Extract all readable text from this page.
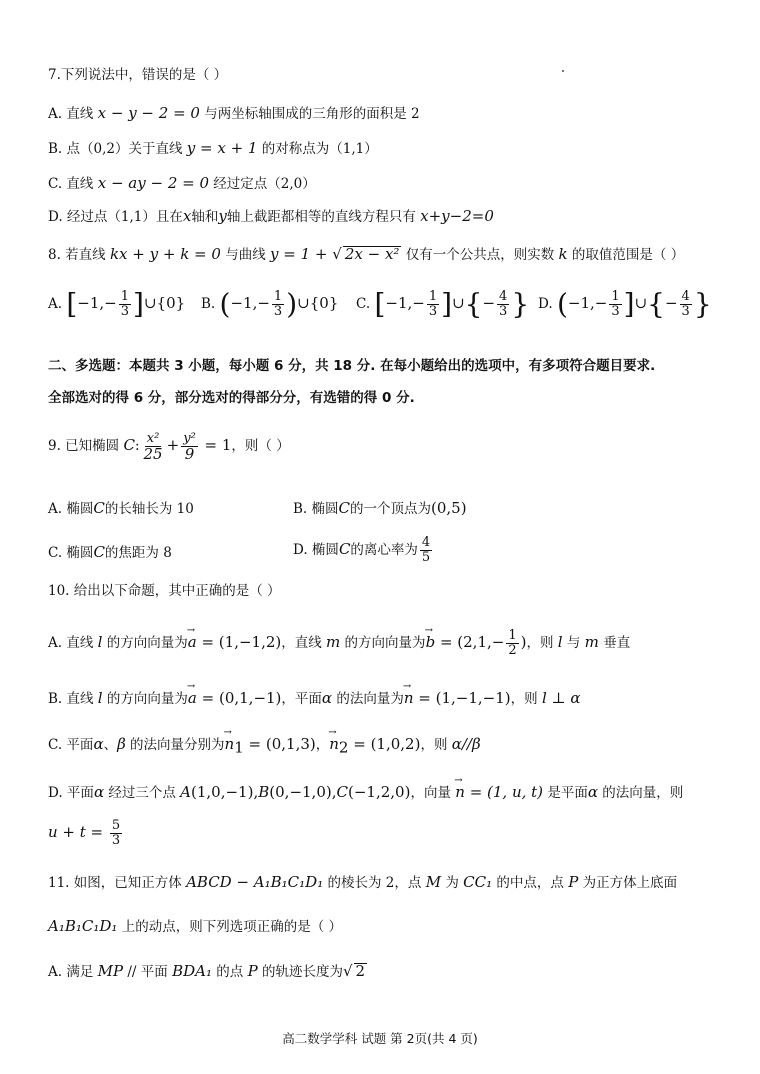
7.下列说法中，错误的是（ ）
A. 直线 x − y − 2 = 0 与两坐标轴围成的三角形的面积是 2
B. 点（0,2）关于直线 y = x + 1 的对称点为（1,1）
C. 直线 x − ay − 2 = 0 经过定点（2,0）
D. 经过点（1,1）且在x轴和y轴上截距都相等的直线方程只有 x+y−2=0
8. 若直线 kx + y + k = 0 与曲线 y = 1 + √ 2x − x² 仅有一个公共点，则实数 k 的取值范围是（ ）
A. [$-1,- \frac{1}{3}$ ]∪{0} B. ($-1,- \frac{1}{3}$ )∪{0} C. [$-1,- \frac{1}{3}$ ]∪{− $\frac{4}{3}$ } D. ($-1,- \frac{1}{3}$ ]∪{− $\frac{4}{3}$ }
二、多选题：本题共 3 小题，每小题 6 分，共 18 分. 在每小题给出的选项中，有多项符合题目要求.
全部选对的得 6 分，部分选对的得部分分，有选错的得 0 分.
9. 已知椭圆 C: $\frac{\text{x²}}{25} + \frac{\text{y²}}{9} = 1$，则（ ）
A. 椭圆C的长轴长为 10	B. 椭圆C的一个顶点为(0,5)
C. 椭圆C的焦距为 8	D. 椭圆C的离心率为 $\frac{4}{5}$
10. 给出以下命题，其中正确的是（ ）
A. 直线 l 的方向向量为→ a = (1,−1,2)，直线 m 的方向向量为→ $b = (2,1,- \frac{1}{2}$ )，则 l 与 m 垂直
B. 直线 l 的方向向量为→ a = (0,1,−1)，平面α 的法向量为→ n = (1,−1,−1)，则 l ⊥ α
C. 平面α、β 的法向量分别为→ $n_1 = (0,1,3)$，→ $n_2 = (1,0,2)$，则 α//β
D. 平面α 经过三个点 A(1,0,−1),B(0,−1,0),C(−1,2,0)，向量 → n = (1, u, t) 是平面α 的法向量，则
$u + t = \frac{5}{3}$
11. 如图，已知正方体 ABCD − A₁B₁C₁D₁ 的棱长为 2，点 M 为 CC₁ 的中点，点 P 为正方体上底面
A₁B₁C₁D₁ 上的动点，则下列选项正确的是（ ）
A. 满足 MP // 平面 BDA₁ 的点 P 的轨迹长度为√ 2
高二数学学科 试题 第 2页(共 4 页)
